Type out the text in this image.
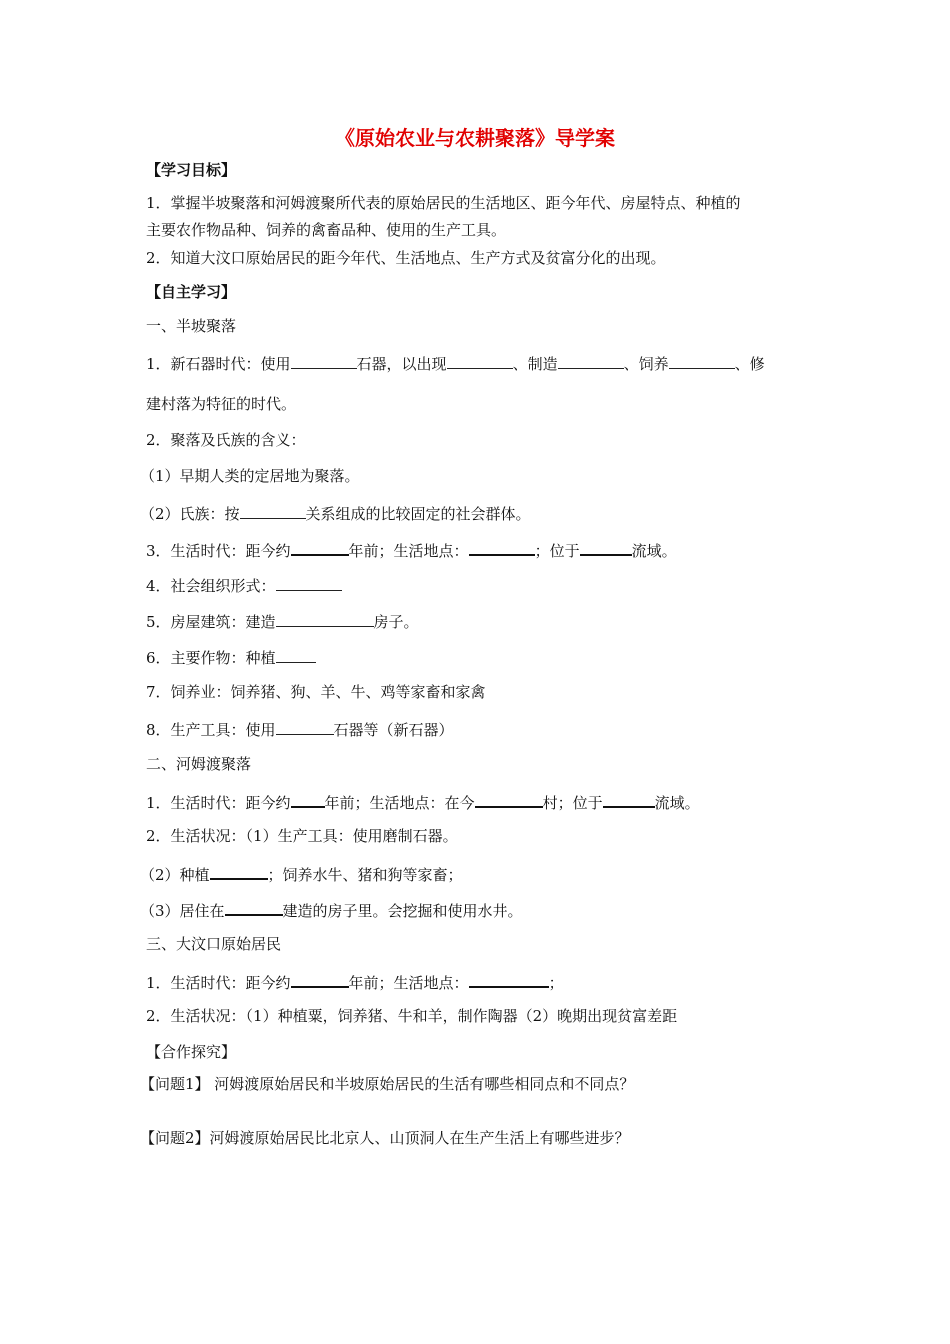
《原始农业与农耕聚落》导学案
【学习目标】
1．掌握半坡聚落和河姆渡聚所代表的原始居民的生活地区、距今年代、房屋特点、种植的
主要农作物品种、饲养的禽畜品种、使用的生产工具。
2．知道大汶口原始居民的距今年代、生活地点、生产方式及贫富分化的出现。
【自主学习】
一、半坡聚落
1．新石器时代：使用	石器，以出现	、制造	、饲养	、修
建村落为特征的时代。
2．聚落及氏族的含义：
（1）早期人类的定居地为聚落。
（2）氏族：按	关系组成的比较固定的社会群体。
3．生活时代：距今约	年前；生活地点：	；位于	流域。
4．社会组织形式：
5．房屋建筑：建造	房子。
6．主要作物：种植
7．饲养业：饲养猪、狗、羊、牛、鸡等家畜和家禽
8．生产工具：使用	石器等（新石器）
二、河姆渡聚落
1．生活时代：距今约 年前；生活地点：在今	村；位于	流域。
2．生活状况：（1）生产工具：使用磨制石器。
（2）种植	；饲养水牛、猪和狗等家畜；
（3）居住在	建造的房子里。会挖掘和使用水井。
三、大汶口原始居民
1．生活时代：距今约	年前；生活地点：	；
2．生活状况：（1）种植粟，饲养猪、牛和羊，制作陶器（2）晚期出现贫富差距
【合作探究】
【问题1】 河姆渡原始居民和半坡原始居民的生活有哪些相同点和不同点？
【问题2】河姆渡原始居民比北京人、山顶洞人在生产生活上有哪些进步？
